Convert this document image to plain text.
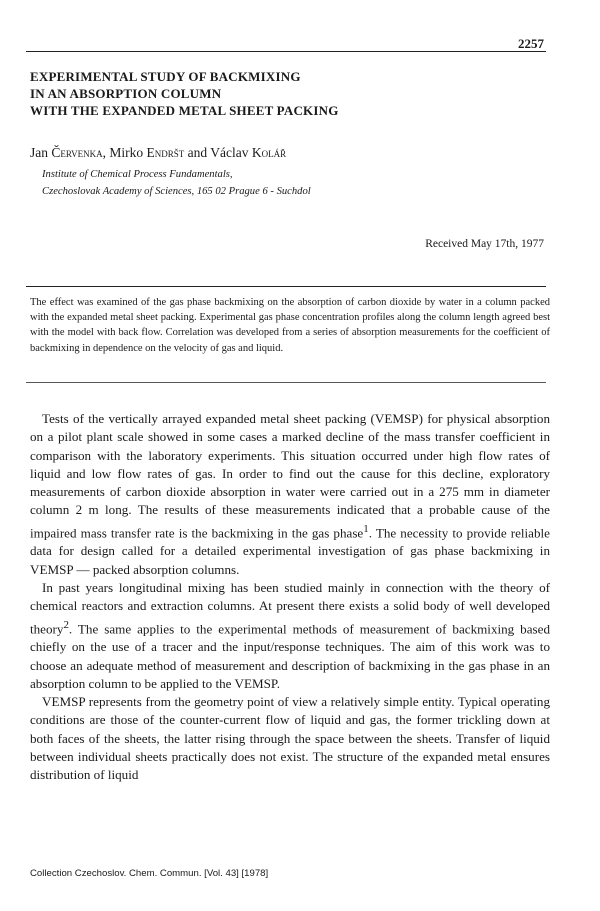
2257
EXPERIMENTAL STUDY OF BACKMIXING
IN AN ABSORPTION COLUMN
WITH THE EXPANDED METAL SHEET PACKING
Jan Červenka, Mirko Endršt and Václav Kolář
Institute of Chemical Process Fundamentals,
Czechoslovak Academy of Sciences, 165 02 Prague 6 - Suchdol
Received May 17th, 1977
The effect was examined of the gas phase backmixing on the absorption of carbon dioxide by water in a column packed with the expanded metal sheet packing. Experimental gas phase concentration profiles along the column length agreed best with the model with back flow. Correlation was developed from a series of absorption measurements for the coefficient of backmixing in dependence on the velocity of gas and liquid.

Tests of the vertically arrayed expanded metal sheet packing (VEMSP) for physical absorption on a pilot plant scale showed in some cases a marked decline of the mass transfer coefficient in comparison with the laboratory experiments. This situation occurred under high flow rates of liquid and low flow rates of gas. In order to find out the cause for this decline, exploratory measurements of carbon dioxide absorption in water were carried out in a 275 mm in diameter column 2 m long. The results of these measurements indicated that a probable cause of the impaired mass transfer rate is the backmixing in the gas phase$^1$. The necessity to provide reliable data for design called for a detailed experimental investigation of gas phase backmixing in VEMSP — packed absorption columns.

In past years longitudinal mixing has been studied mainly in connection with the theory of chemical reactors and extraction columns. At present there exists a solid body of well developed theory$^2$. The same applies to the experimental methods of measurement of backmixing based chiefly on the use of a tracer and the input/response techniques. The aim of this work was to choose an adequate method of measurement and description of backmixing in the gas phase in an absorption column to be applied to the VEMSP.

VEMSP represents from the geometry point of view a relatively simple entity. Typical operating conditions are those of the counter-current flow of liquid and gas, the former trickling down at both faces of the sheets, the latter rising through the space between the sheets. Transfer of liquid between individual sheets practically does not exist. The structure of the expanded metal ensures distribution of liquid

Collection Czechoslov. Chem. Commun. [Vol. 43] [1978]
